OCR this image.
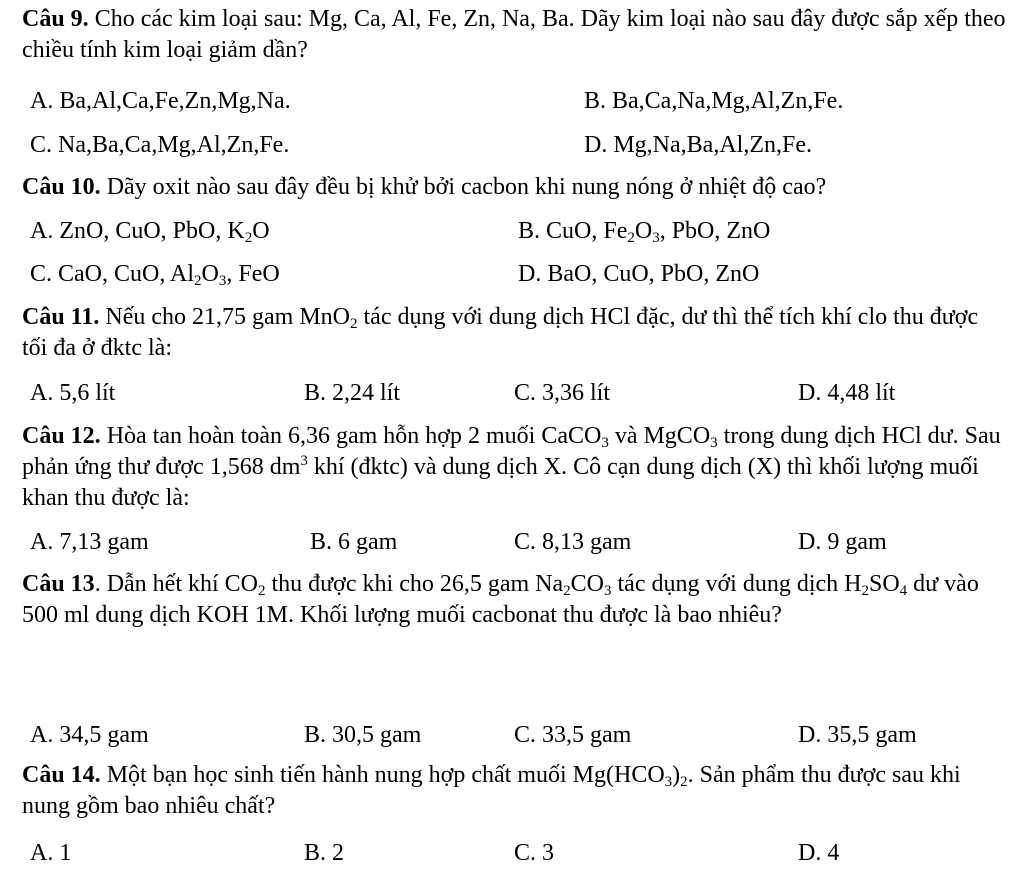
Câu 9. Cho các kim loại sau: Mg, Ca, Al, Fe, Zn, Na, Ba. Dãy kim loại nào sau đây được sắp xếp theo chiều tính kim loại giảm dần?
A. Ba,Al,Ca,Fe,Zn,Mg,Na.	B. Ba,Ca,Na,Mg,Al,Zn,Fe.
C. Na,Ba,Ca,Mg,Al,Zn,Fe.	D. Mg,Na,Ba,Al,Zn,Fe.
Câu 10. Dãy oxit nào sau đây đều bị khử bởi cacbon khi nung nóng ở nhiệt độ cao?
A. ZnO, CuO, PbO, $K_2O$	B. CuO, $Fe_2O_3$, PbO, ZnO
C. CaO, CuO, $Al_2O_3$, FeO	D. BaO, CuO, PbO, ZnO
Câu 11. Nếu cho 21,75 gam MnO$_2$ tác dụng với dung dịch HCl đặc, dư thì thể tích khí clo thu được tối đa ở đktc là:
A. 5,6 lít	B. 2,24 lít	C. 3,36 lít	D. 4,48 lít
Câu 12. Hòa tan hoàn toàn 6,36 gam hỗn hợp 2 muối CaCO$_3$ và MgCO$_3$ trong dung dịch HCl dư. Sau phản ứng thư được 1,568 $dm^3$ khí (đktc) và dung dịch X. Cô cạn dung dịch (X) thì khối lượng muối khan thu được là:
A. 7,13 gam	B. 6 gam	C. 8,13 gam	D. 9 gam
Câu 13. Dẫn hết khí $CO_2$ thu được khi cho 26,5 gam $Na_2CO_3$ tác dụng với dung dịch $H_2SO_4$ dư vào 500 ml dung dịch KOH 1M. Khối lượng muối cacbonat thu được là bao nhiêu?
A. 34,5 gam	B. 30,5 gam	C. 33,5 gam	D. 35,5 gam
Câu 14. Một bạn học sinh tiến hành nung hợp chất muối $Mg(HCO_3)_2$. Sản phẩm thu được sau khi nung gồm bao nhiêu chất?
A. 1	B. 2	C. 3	D. 4
